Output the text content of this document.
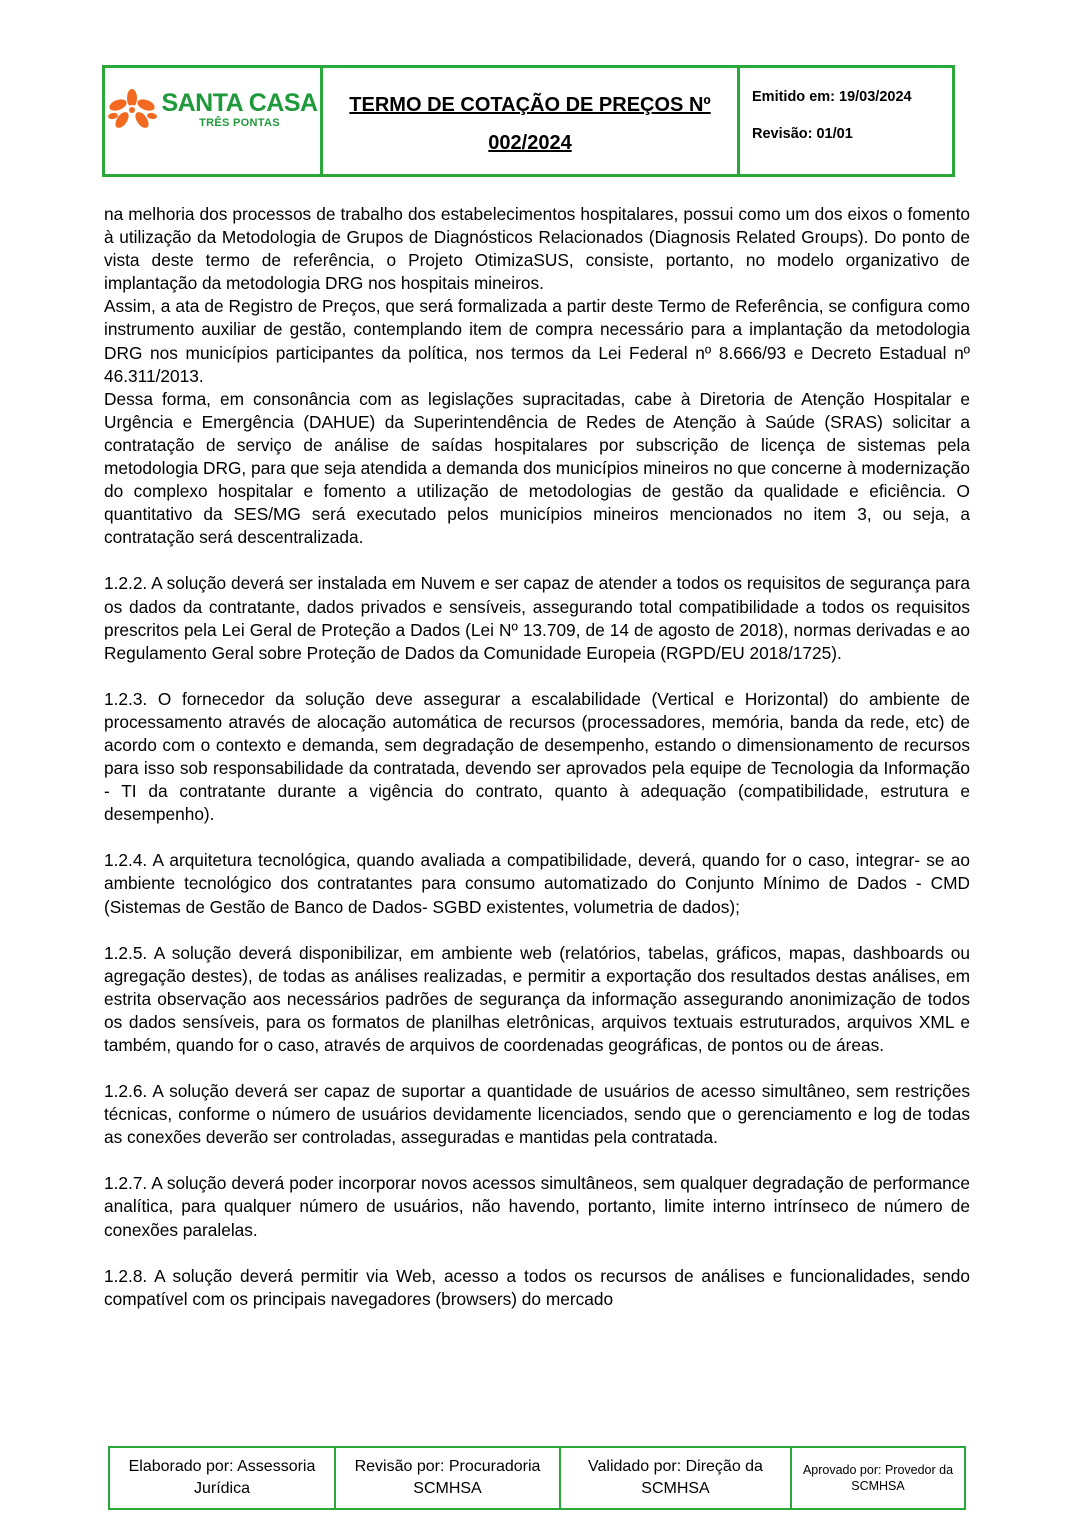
SANTA CASA
TRÊS PONTAS
TERMO DE COTAÇÃO DE PREÇOS Nº
002/2024
Emitido em: 19/03/2024
Revisão: 01/01

na melhoria dos processos de trabalho dos estabelecimentos hospitalares, possui como um dos eixos o fomento à utilização da Metodologia de Grupos de Diagnósticos Relacionados (Diagnosis Related Groups). Do ponto de vista deste termo de referência, o Projeto OtimizaSUS, consiste, portanto, no modelo organizativo de implantação da metodologia DRG nos hospitais mineiros.

Assim, a ata de Registro de Preços, que será formalizada a partir deste Termo de Referência, se configura como instrumento auxiliar de gestão, contemplando item de compra necessário para a implantação da metodologia DRG nos municípios participantes da política, nos termos da Lei Federal nº 8.666/93 e Decreto Estadual nº 46.311/2013.

Dessa forma, em consonância com as legislações supracitadas, cabe à Diretoria de Atenção Hospitalar e Urgência e Emergência (DAHUE) da Superintendência de Redes de Atenção à Saúde (SRAS) solicitar a contratação de serviço de análise de saídas hospitalares por subscrição de licença de sistemas pela metodologia DRG, para que seja atendida a demanda dos municípios mineiros no que concerne à modernização do complexo hospitalar e fomento a utilização de metodologias de gestão da qualidade e eficiência. O quantitativo da SES/MG será executado pelos municípios mineiros mencionados no item 3, ou seja, a contratação será descentralizada.

1.2.2. A solução deverá ser instalada em Nuvem e ser capaz de atender a todos os requisitos de segurança para os dados da contratante, dados privados e sensíveis, assegurando total compatibilidade a todos os requisitos prescritos pela Lei Geral de Proteção a Dados (Lei Nº 13.709, de 14 de agosto de 2018), normas derivadas e ao Regulamento Geral sobre Proteção de Dados da Comunidade Europeia (RGPD/EU 2018/1725).

1.2.3. O fornecedor da solução deve assegurar a escalabilidade (Vertical e Horizontal) do ambiente de processamento através de alocação automática de recursos (processadores, memória, banda da rede, etc) de acordo com o contexto e demanda, sem degradação de desempenho, estando o dimensionamento de recursos para isso sob responsabilidade da contratada, devendo ser aprovados pela equipe de Tecnologia da Informação - TI da contratante durante a vigência do contrato, quanto à adequação (compatibilidade, estrutura e desempenho).

1.2.4. A arquitetura tecnológica, quando avaliada a compatibilidade, deverá, quando for o caso, integrar- se ao ambiente tecnológico dos contratantes para consumo automatizado do Conjunto Mínimo de Dados - CMD (Sistemas de Gestão de Banco de Dados- SGBD existentes, volumetria de dados);

1.2.5. A solução deverá disponibilizar, em ambiente web (relatórios, tabelas, gráficos, mapas, dashboards ou agregação destes), de todas as análises realizadas, e permitir a exportação dos resultados destas análises, em estrita observação aos necessários padrões de segurança da informação assegurando anonimização de todos os dados sensíveis, para os formatos de planilhas eletrônicas, arquivos textuais estruturados, arquivos XML e também, quando for o caso, através de arquivos de coordenadas geográficas, de pontos ou de áreas.

1.2.6. A solução deverá ser capaz de suportar a quantidade de usuários de acesso simultâneo, sem restrições técnicas, conforme o número de usuários devidamente licenciados, sendo que o gerenciamento e log de todas as conexões deverão ser controladas, asseguradas e mantidas pela contratada.

1.2.7. A solução deverá poder incorporar novos acessos simultâneos, sem qualquer degradação de performance analítica, para qualquer número de usuários, não havendo, portanto, limite interno intrínseco de número de conexões paralelas.

1.2.8. A solução deverá permitir via Web, acesso a todos os recursos de análises e funcionalidades, sendo compatível com os principais navegadores (browsers) do mercado

Elaborado por: Assessoria Jurídica
Revisão por: Procuradoria SCMHSA
Validado por: Direção da SCMHSA
Aprovado por: Provedor da SCMHSA
